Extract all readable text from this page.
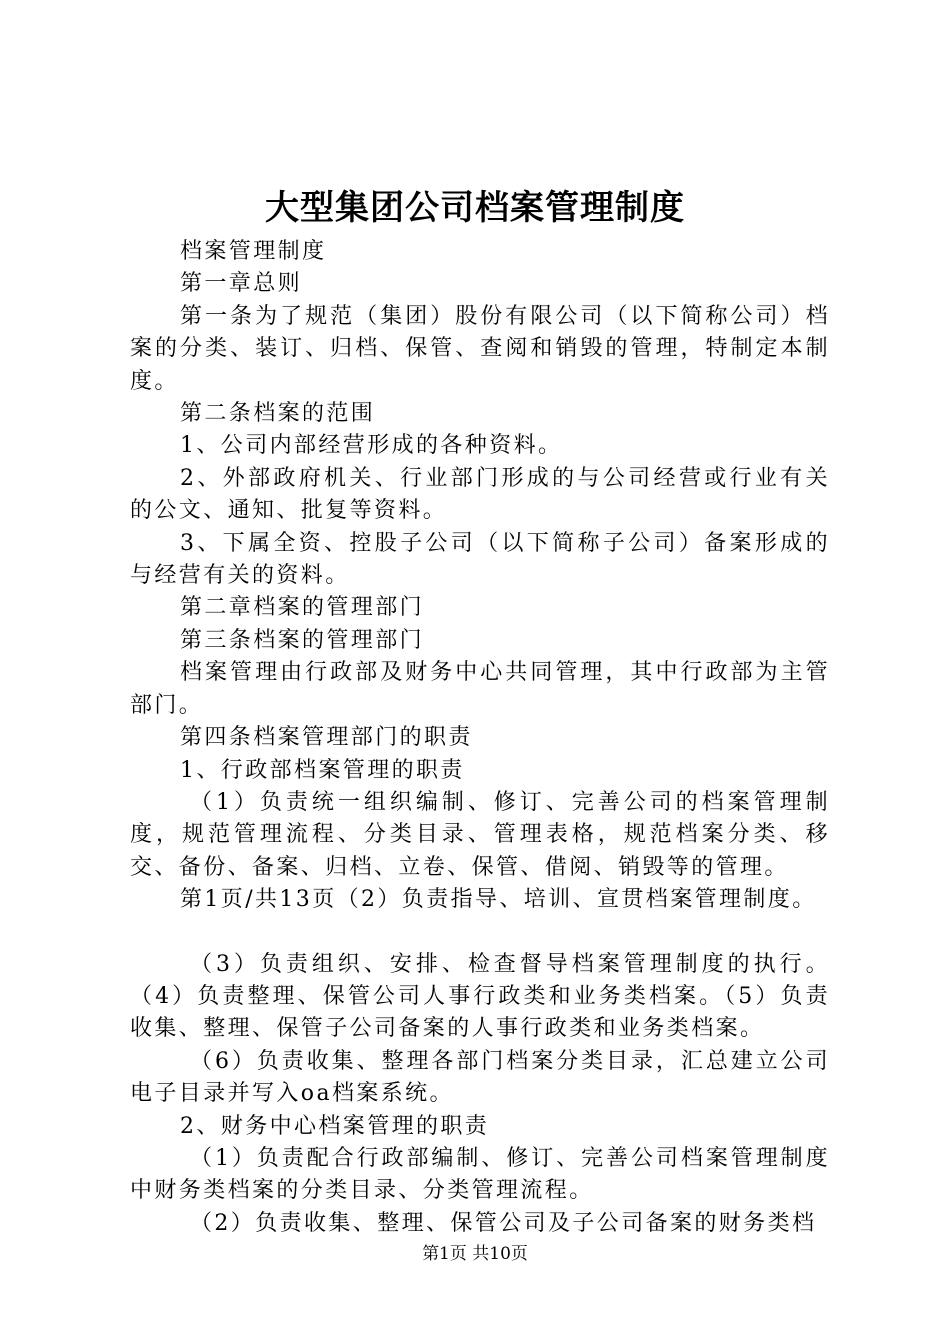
大型集团公司档案管理制度

档案管理制度

第一章总则

第一条为了规范（集团）股份有限公司（以下简称公司）档案的分类、装订、归档、保管、查阅和销毁的管理，特制定本制度。

第二条档案的范围

1、公司内部经营形成的各种资料。

2、外部政府机关、行业部门形成的与公司经营或行业有关的公文、通知、批复等资料。

3、下属全资、控股子公司（以下简称子公司）备案形成的与经营有关的资料。

第二章档案的管理部门

第三条档案的管理部门

档案管理由行政部及财务中心共同管理，其中行政部为主管部门。

第四条档案管理部门的职责

1、行政部档案管理的职责

（1）负责统一组织编制、修订、完善公司的档案管理制度，规范管理流程、分类目录、管理表格，规范档案分类、移交、备份、备案、归档、立卷、保管、借阅、销毁等的管理。

第1页/共13页（2）负责指导、培训、宣贯档案管理制度。

（3）负责组织、安排、检查督导档案管理制度的执行。（4）负责整理、保管公司人事行政类和业务类档案。（5）负责收集、整理、保管子公司备案的人事行政类和业务类档案。

（6）负责收集、整理各部门档案分类目录，汇总建立公司电子目录并写入oa档案系统。

2、财务中心档案管理的职责

（1）负责配合行政部编制、修订、完善公司档案管理制度中财务类档案的分类目录、分类管理流程。

（2）负责收集、整理、保管公司及子公司备案的财务类档

第1页 共10页
